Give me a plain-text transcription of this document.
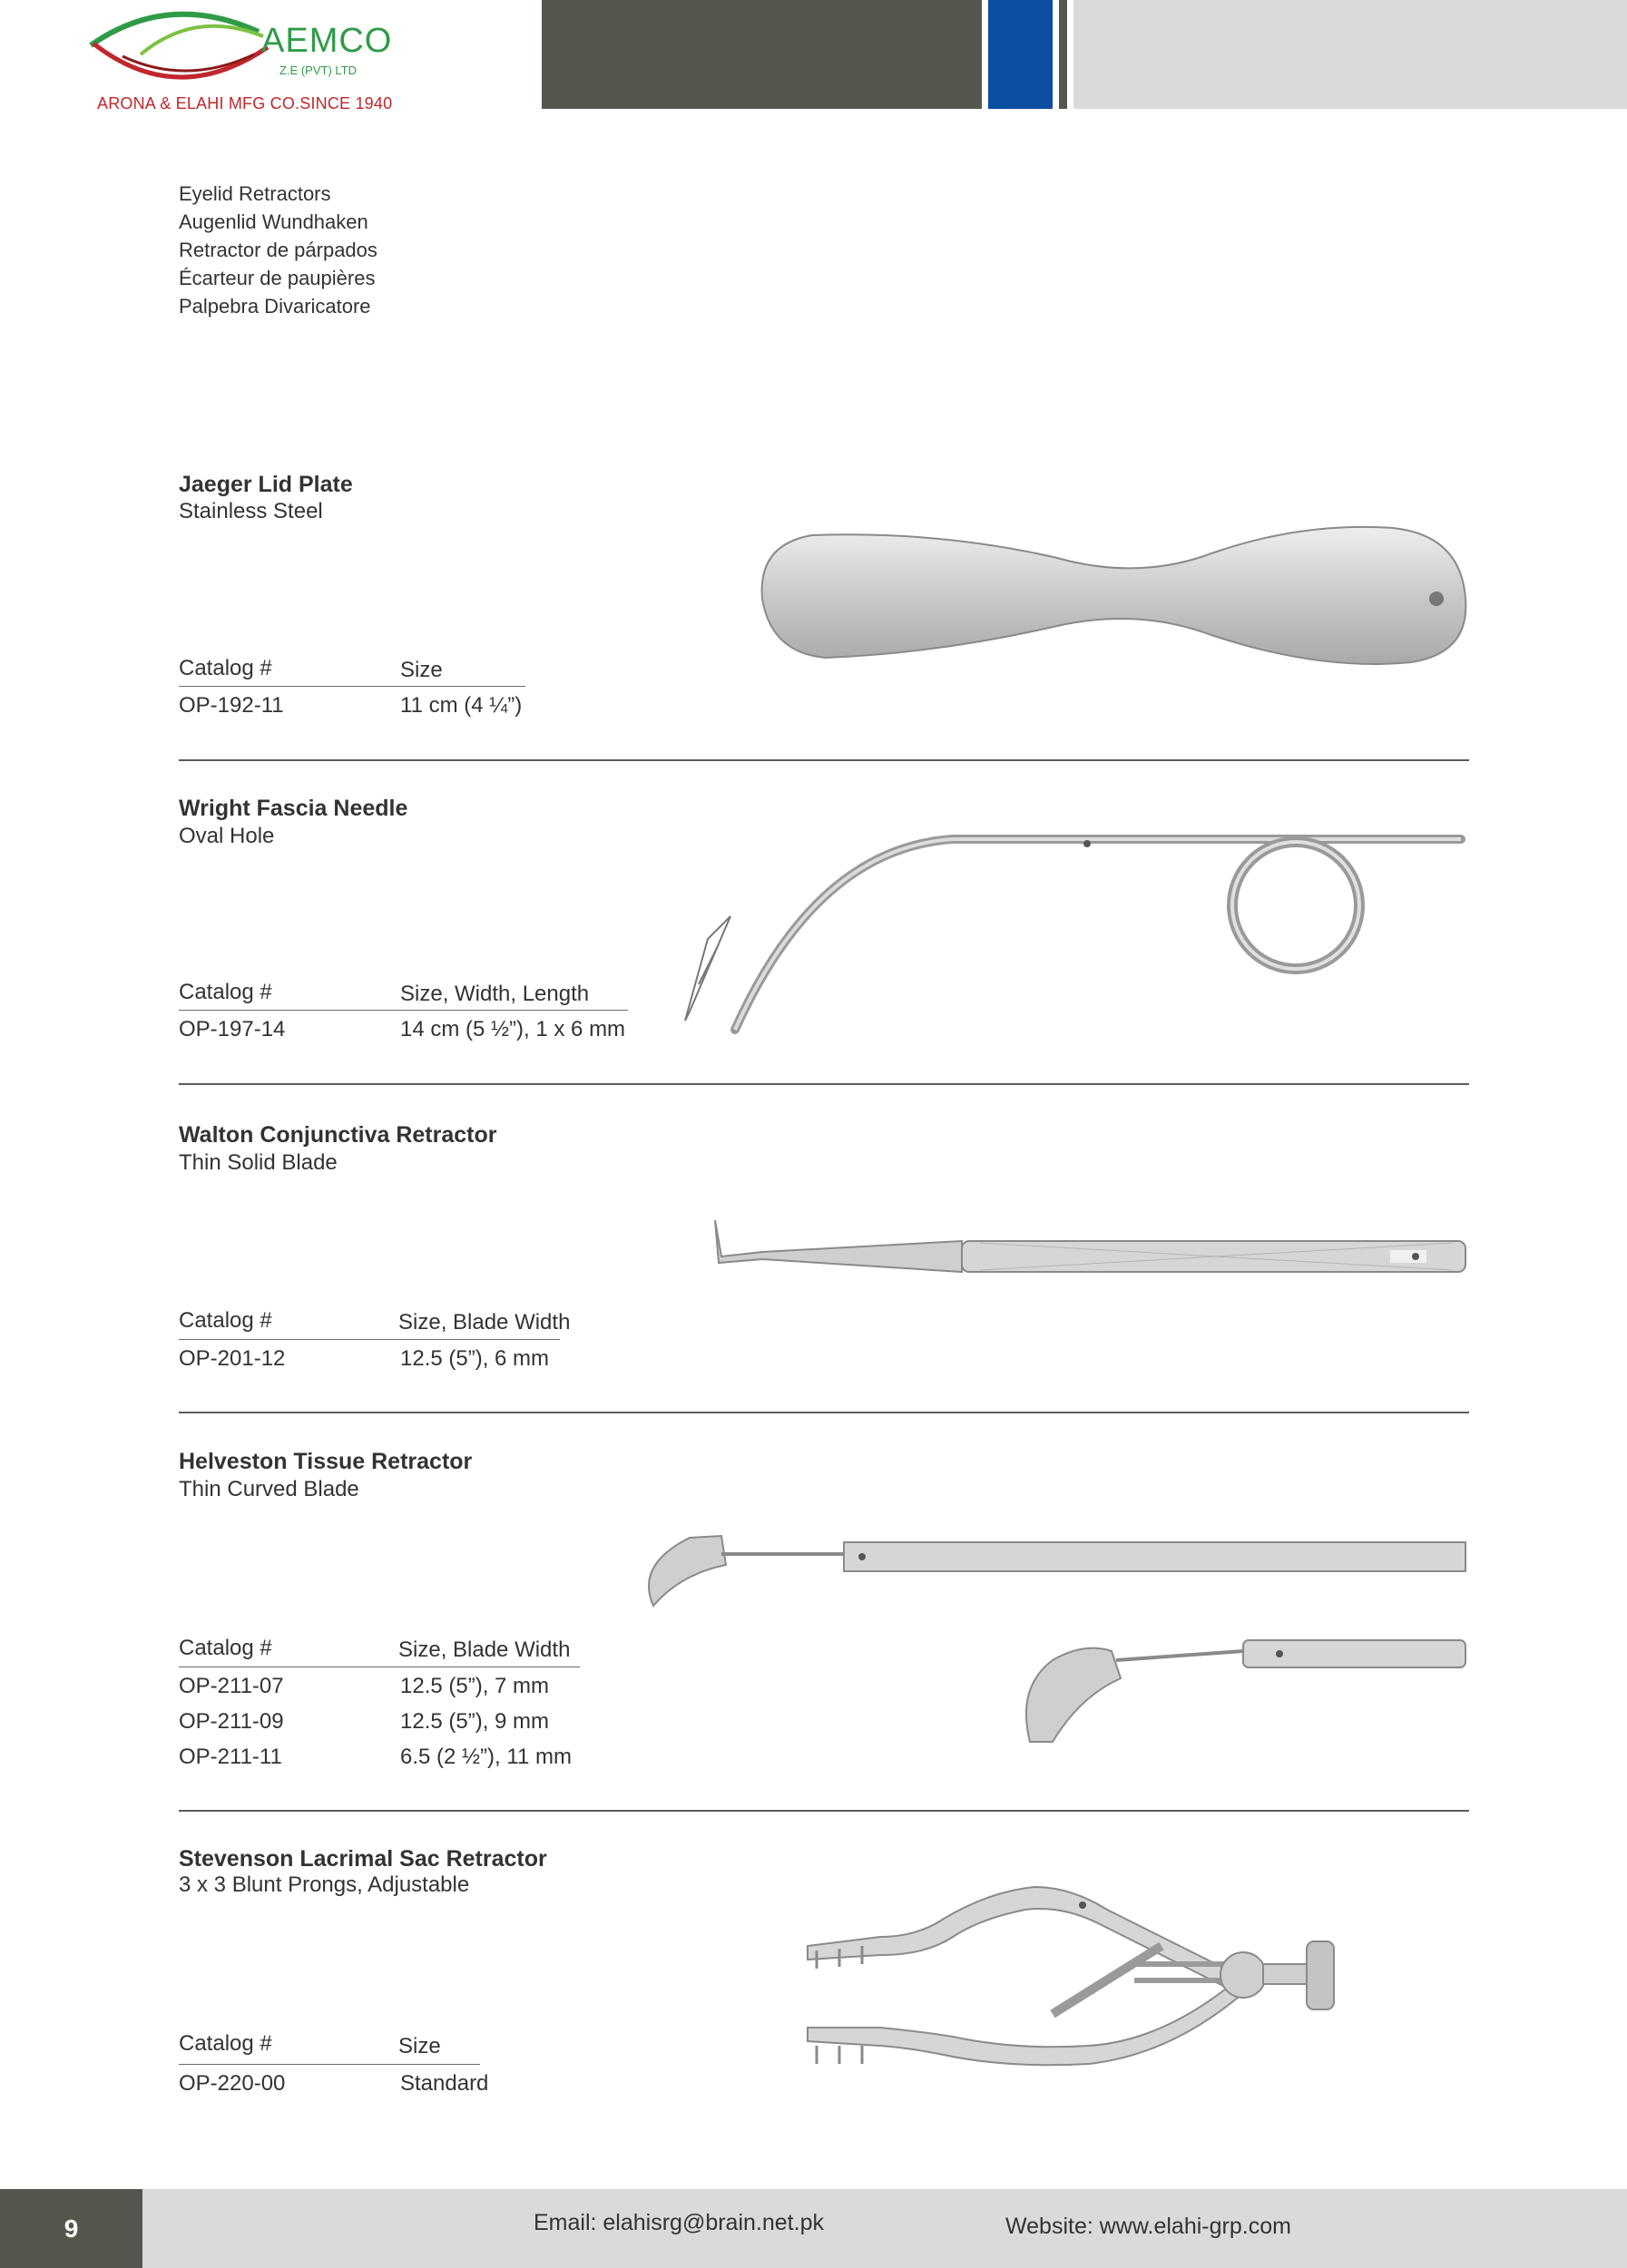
AEMCO
Z.E (PVT) LTD
ARONA & ELAHI MFG CO.SINCE 1940
Eyelid Retractors
Augenlid Wundhaken
Retractor de párpados
Écarteur de paupières
Palpebra Divaricatore
Jaeger Lid Plate
Stainless Steel
Catalog #	Size
OP-192-11	11 cm (4 ¼”)
Wright Fascia Needle
Oval Hole
Catalog #	Size, Width, Length
OP-197-14	14 cm (5 ½”), 1 x 6 mm
Walton Conjunctiva Retractor
Thin Solid Blade
Catalog #	Size, Blade Width
OP-201-12	12.5 (5”), 6 mm
Helveston Tissue Retractor
Thin Curved Blade
Catalog #	Size, Blade Width
OP-211-07	12.5 (5”), 7 mm
OP-211-09	12.5 (5”), 9 mm
OP-211-11	6.5 (2 ½”), 11 mm
Stevenson Lacrimal Sac Retractor
3 x 3 Blunt Prongs, Adjustable
Catalog #	Size
OP-220-00	Standard
9	Email: elahisrg@brain.net.pk	Website: www.elahi-grp.com
